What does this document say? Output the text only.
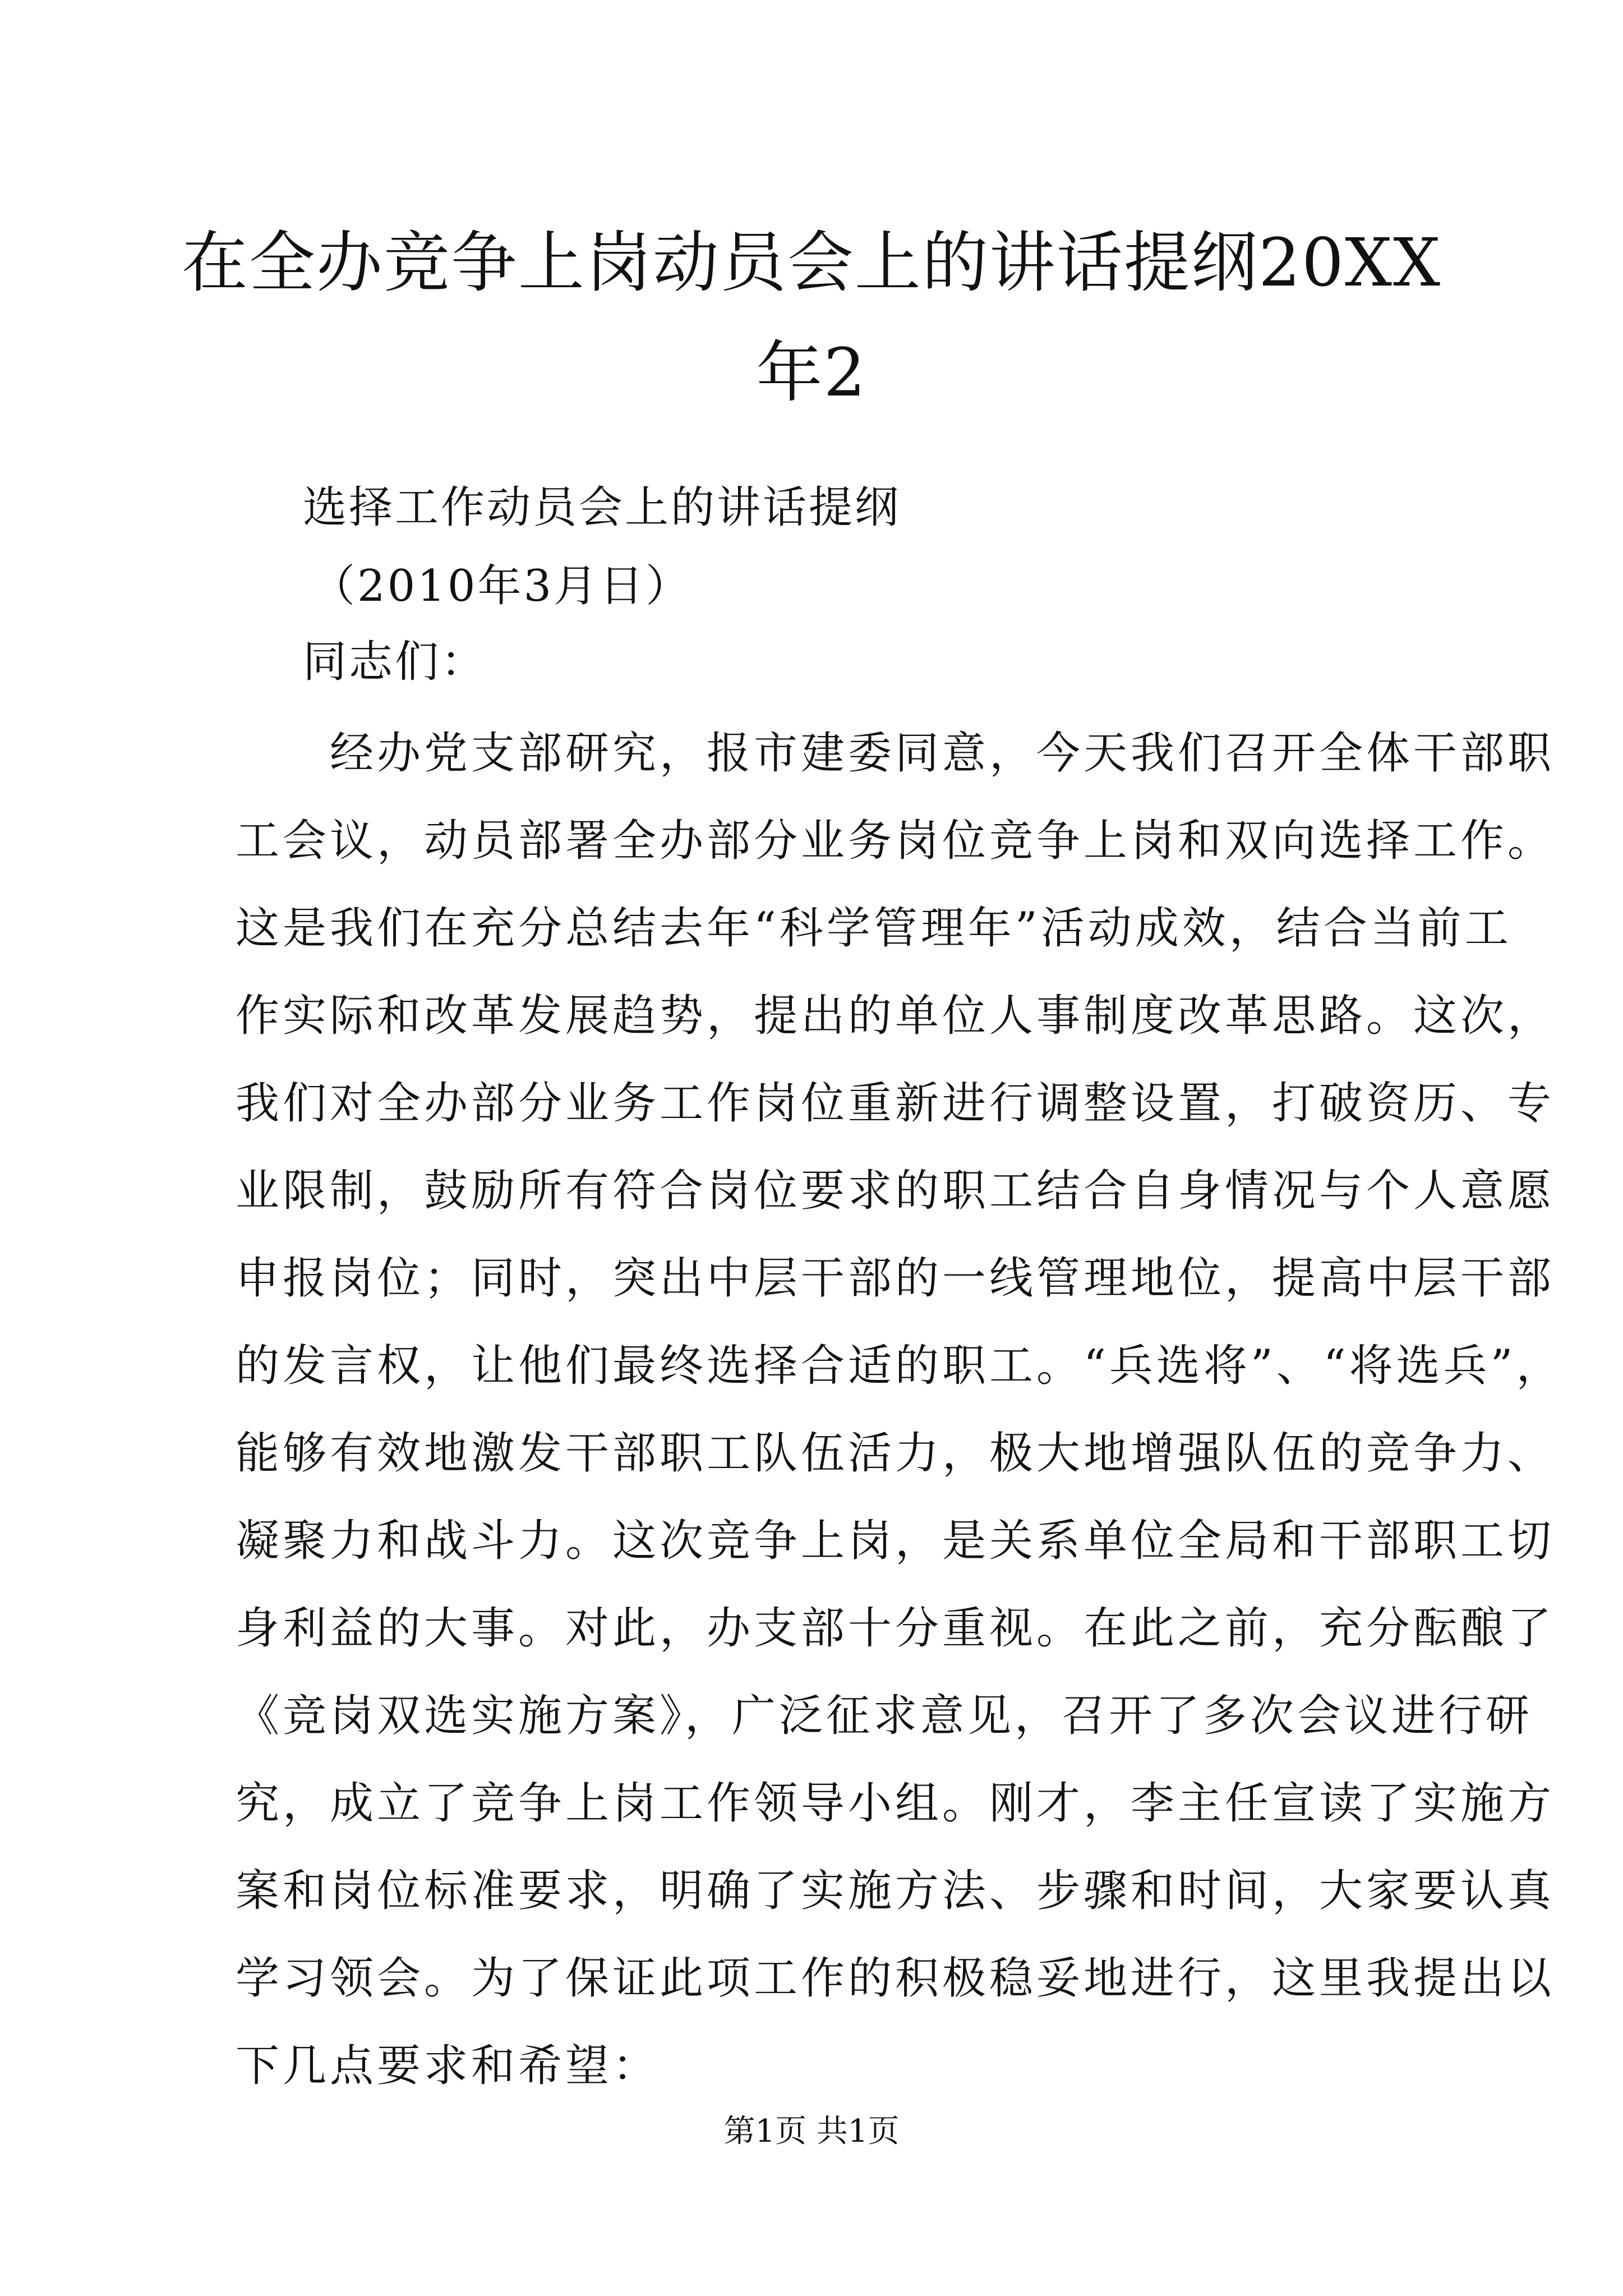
在全办竞争上岗动员会上的讲话提纲20XX年2

选择工作动员会上的讲话提纲

（2010年3月日）

同志们：

　　经办党支部研究，报市建委同意，今天我们召开全体干部职

工会议，动员部署全办部分业务岗位竞争上岗和双向选择工作。

这是我们在充分总结去年“科学管理年”活动成效，结合当前工

作实际和改革发展趋势，提出的单位人事制度改革思路。这次，

我们对全办部分业务工作岗位重新进行调整设置，打破资历、专

业限制，鼓励所有符合岗位要求的职工结合自身情况与个人意愿

申报岗位；同时，突出中层干部的一线管理地位，提高中层干部

的发言权，让他们最终选择合适的职工。“兵选将”、“将选兵”，

能够有效地激发干部职工队伍活力，极大地增强队伍的竞争力、

凝聚力和战斗力。这次竞争上岗，是关系单位全局和干部职工切

身利益的大事。对此，办支部十分重视。在此之前，充分酝酿了

《竞岗双选实施方案》，广泛征求意见，召开了多次会议进行研

究，成立了竞争上岗工作领导小组。刚才，李主任宣读了实施方

案和岗位标准要求，明确了实施方法、步骤和时间，大家要认真

学习领会。为了保证此项工作的积极稳妥地进行，这里我提出以

下几点要求和希望：

第1页 共1页
